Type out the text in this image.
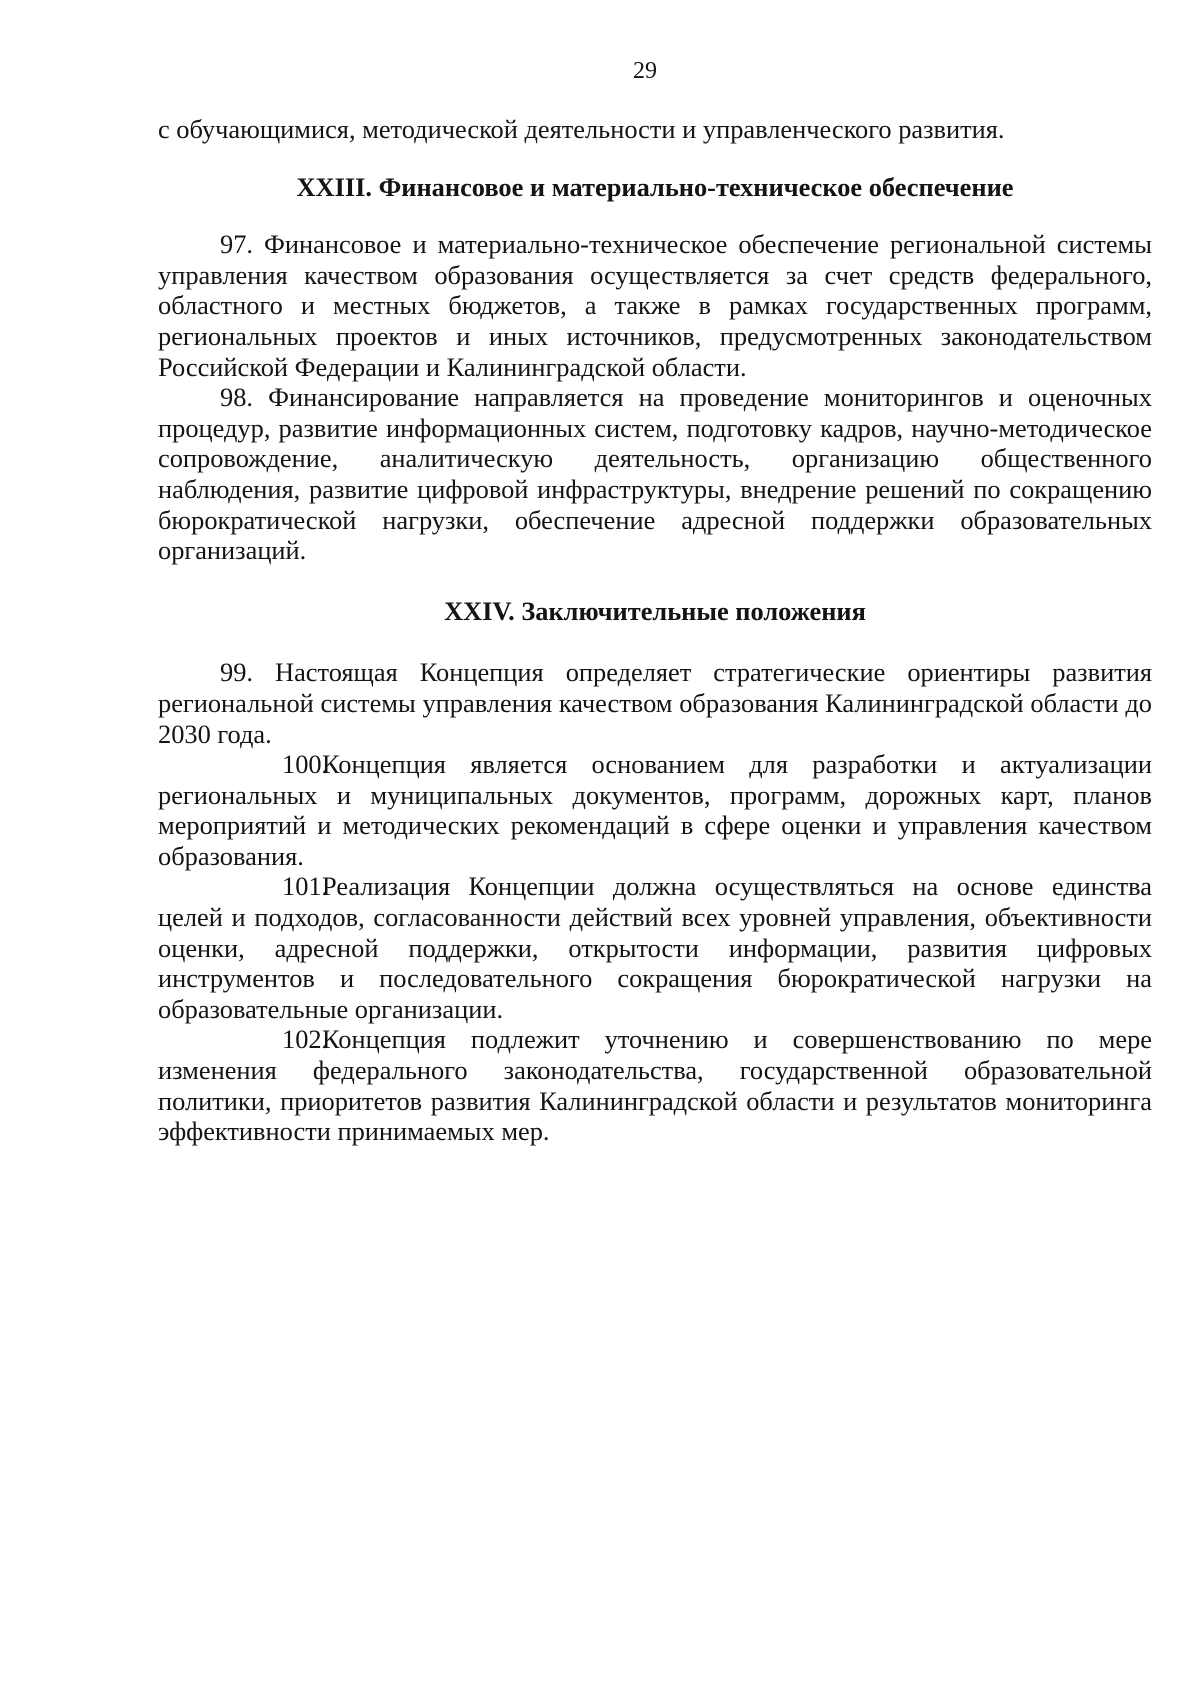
29

с обучающимися, методической деятельности и управленческого развития.

XXIII. Финансовое и материально-техническое обеспечение

97. Финансовое и материально-техническое обеспечение региональной системы управления качеством образования осуществляется за счет средств федерального, областного и местных бюджетов, а также в рамках государственных программ, региональных проектов и иных источников, предусмотренных законодательством Российской Федерации и Калининградской области.

98. Финансирование направляется на проведение мониторингов и оценочных процедур, развитие информационных систем, подготовку кадров, научно-методическое сопровождение, аналитическую деятельность, организацию общественного наблюдения, развитие цифровой инфраструктуры, внедрение решений по сокращению бюрократической нагрузки, обеспечение адресной поддержки образовательных организаций.

XXIV. Заключительные положения

99. Настоящая Концепция определяет стратегические ориентиры развития региональной системы управления качеством образования Калининградской области до 2030 года.

100.Концепция является основанием для разработки и актуализации региональных и муниципальных документов, программ, дорожных карт, планов мероприятий и методических рекомендаций в сфере оценки и управления качеством образования.

101.Реализация Концепции должна осуществляться на основе единства целей и подходов, согласованности действий всех уровней управления, объективности оценки, адресной поддержки, открытости информации, развития цифровых инструментов и последовательного сокращения бюрократической нагрузки на образовательные организации.

102.Концепция подлежит уточнению и совершенствованию по мере изменения федерального законодательства, государственной образовательной политики, приоритетов развития Калининградской области и результатов мониторинга эффективности принимаемых мер.
